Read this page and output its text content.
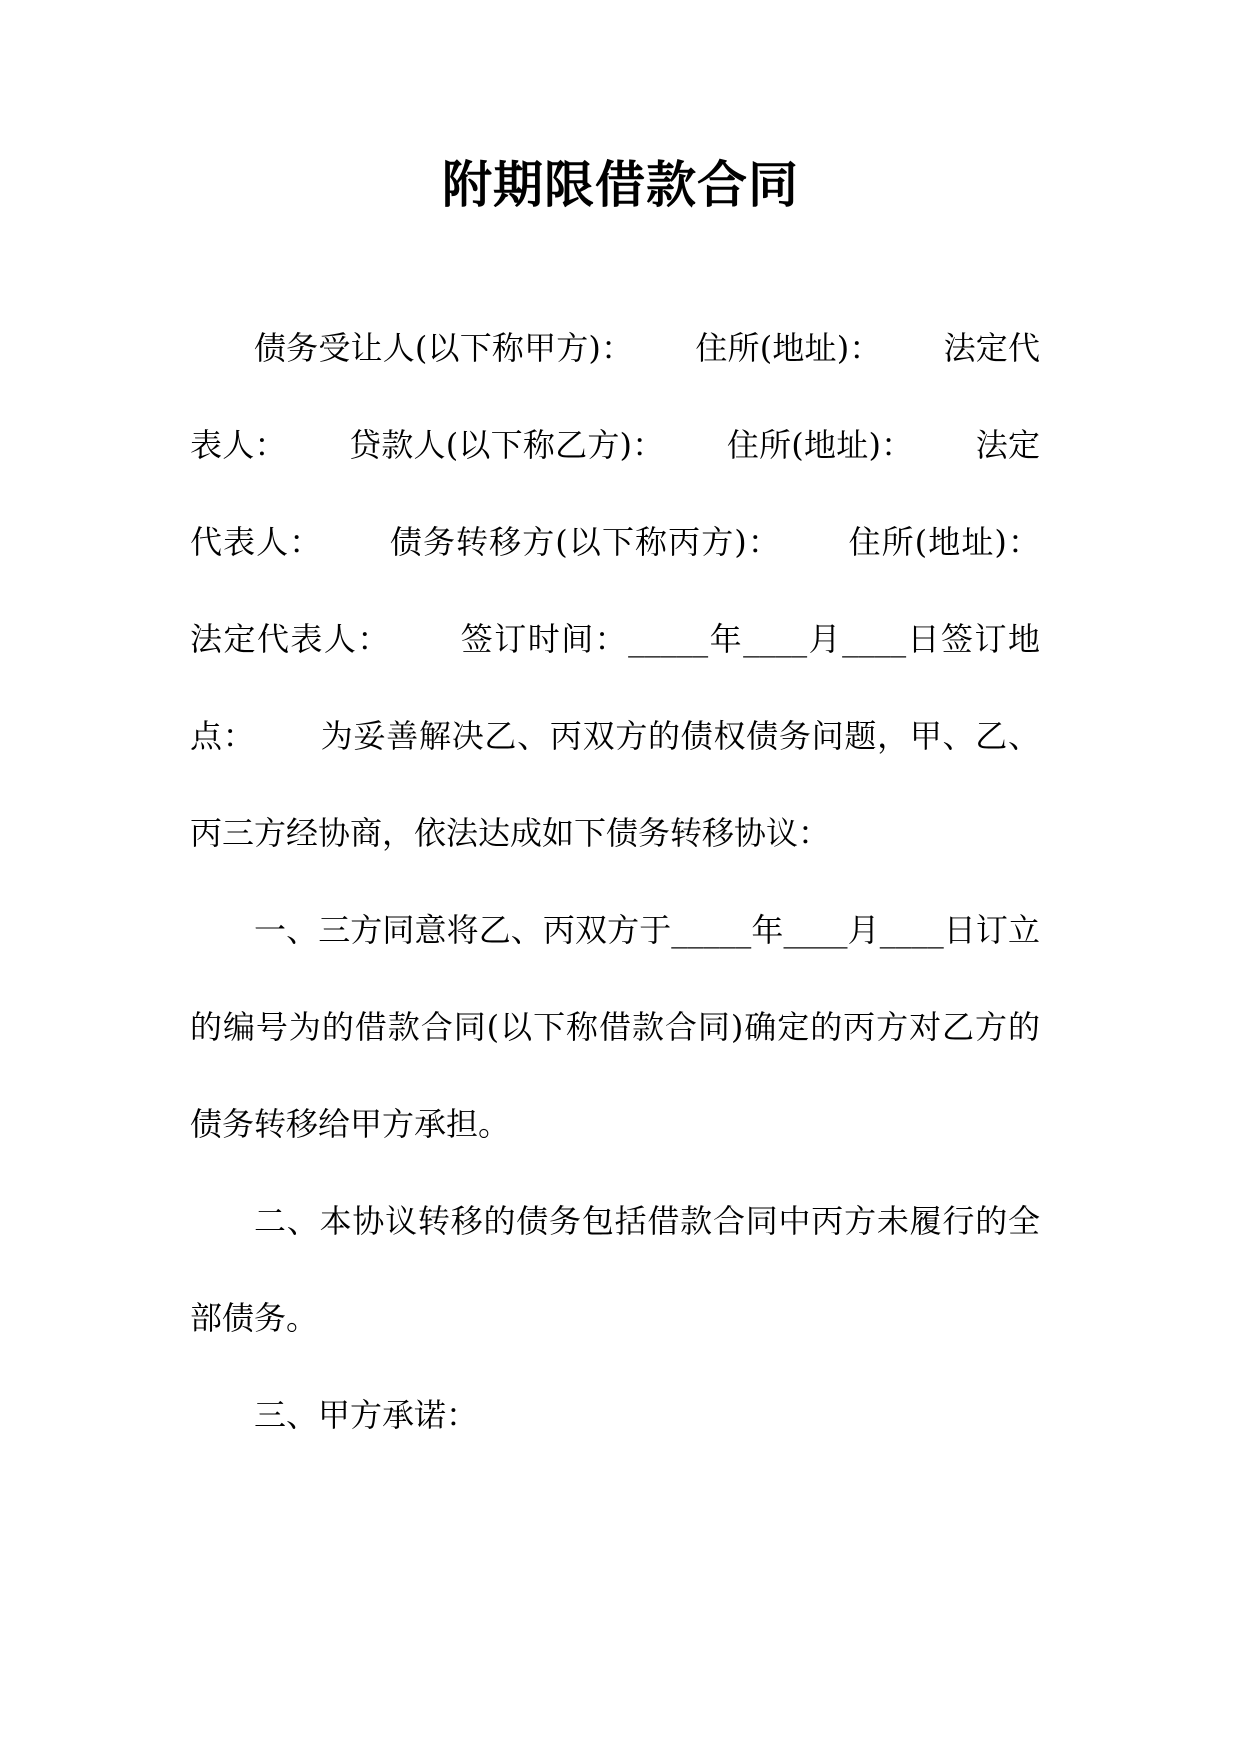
附期限借款合同

债务受让人(以下称甲方)：      住所(地址)：      法定代表人：      贷款人(以下称乙方)：      住所(地址)：      法定代表人：      债务转移方(以下称丙方)：      住所(地址)：      法定代表人：      签订时间：_____年____月____日签订地点：      为妥善解决乙、丙双方的债权债务问题，甲、乙、丙三方经协商，依法达成如下债务转移协议：

一、三方同意将乙、丙双方于_____年____月____日订立的编号为的借款合同(以下称借款合同)确定的丙方对乙方的债务转移给甲方承担。

二、本协议转移的债务包括借款合同中丙方未履行的全部债务。

三、甲方承诺：
